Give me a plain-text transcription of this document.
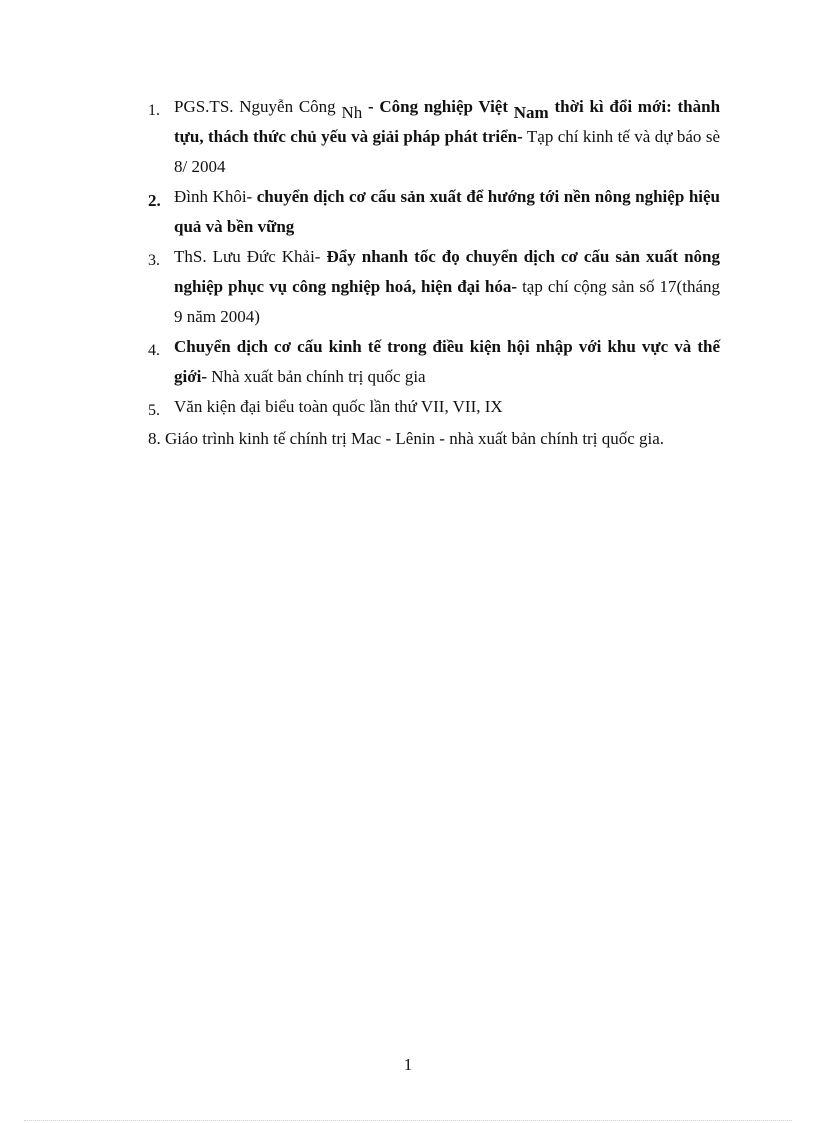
1. PGS.TS. Nguyễn Công Nh - Công nghiệp Việt Nam thời kì đổi mới: thành tựu, thách thức chủ yếu và giải pháp phát triển- Tạp chí kinh tế và dự báo sè 8/ 2004
2. Đình Khôi- chuyển dịch cơ cấu sản xuất để hướng tới nền nông nghiệp hiệu quả và bền vững
3. ThS. Lưu Đức Khải- Đẩy nhanh tốc đọ chuyển dịch cơ cấu sản xuất nông nghiệp phục vụ công nghiệp hoá, hiện đại hóa- tạp chí cộng sản số 17(tháng 9 năm 2004)
4. Chuyển dịch cơ cấu kinh tế trong điều kiện hội nhập với khu vực và thế giới- Nhà xuất bản chính trị quốc gia
5. Văn kiện đại biểu toàn quốc lần thứ VII, VII, IX

8. Giáo trình kinh tế chính trị Mac - Lênin - nhà xuất bản chính trị quốc gia.

1
